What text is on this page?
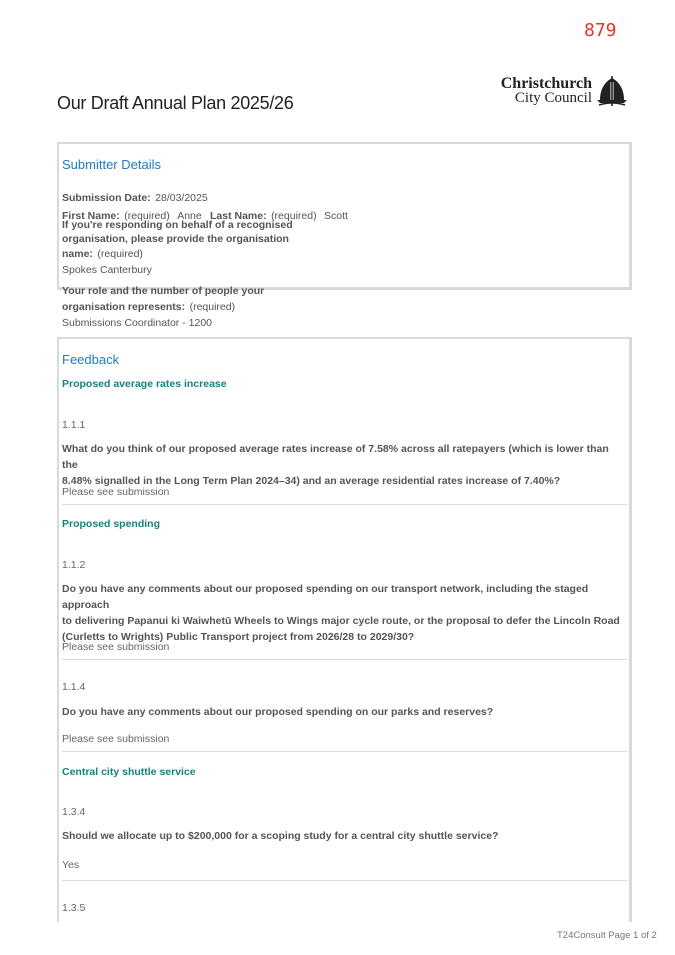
879
Christchurch
City Council
Our Draft Annual Plan 2025/26
Submitter Details
Submission Date: 28/03/2025
First Name: (required) Anne Last Name: (required) Scott
If you're responding on behalf of a recognised
organisation, please provide the organisation
name: (required)
Spokes Canterbury
Your role and the number of people your
organisation represents: (required)
Submissions Coordinator - 1200
Feedback
Proposed average rates increase
1.1.1
What do you think of our proposed average rates increase of 7.58% across all ratepayers (which is lower than the
8.48% signalled in the Long Term Plan 2024–34) and an average residential rates increase of 7.40%?
Please see submission
Proposed spending
1.1.2
Do you have any comments about our proposed spending on our transport network, including the staged approach
to delivering Papanui ki Waiwhetū Wheels to Wings major cycle route, or the proposal to defer the Lincoln Road
(Curletts to Wrights) Public Transport project from 2026/28 to 2029/30?
Please see submission
1.1.4
Do you have any comments about our proposed spending on our parks and reserves?
Please see submission
Central city shuttle service
1.3.4
Should we allocate up to $200,000 for a scoping study for a central city shuttle service?
Yes
1.3.5
T24Consult Page 1 of 2
